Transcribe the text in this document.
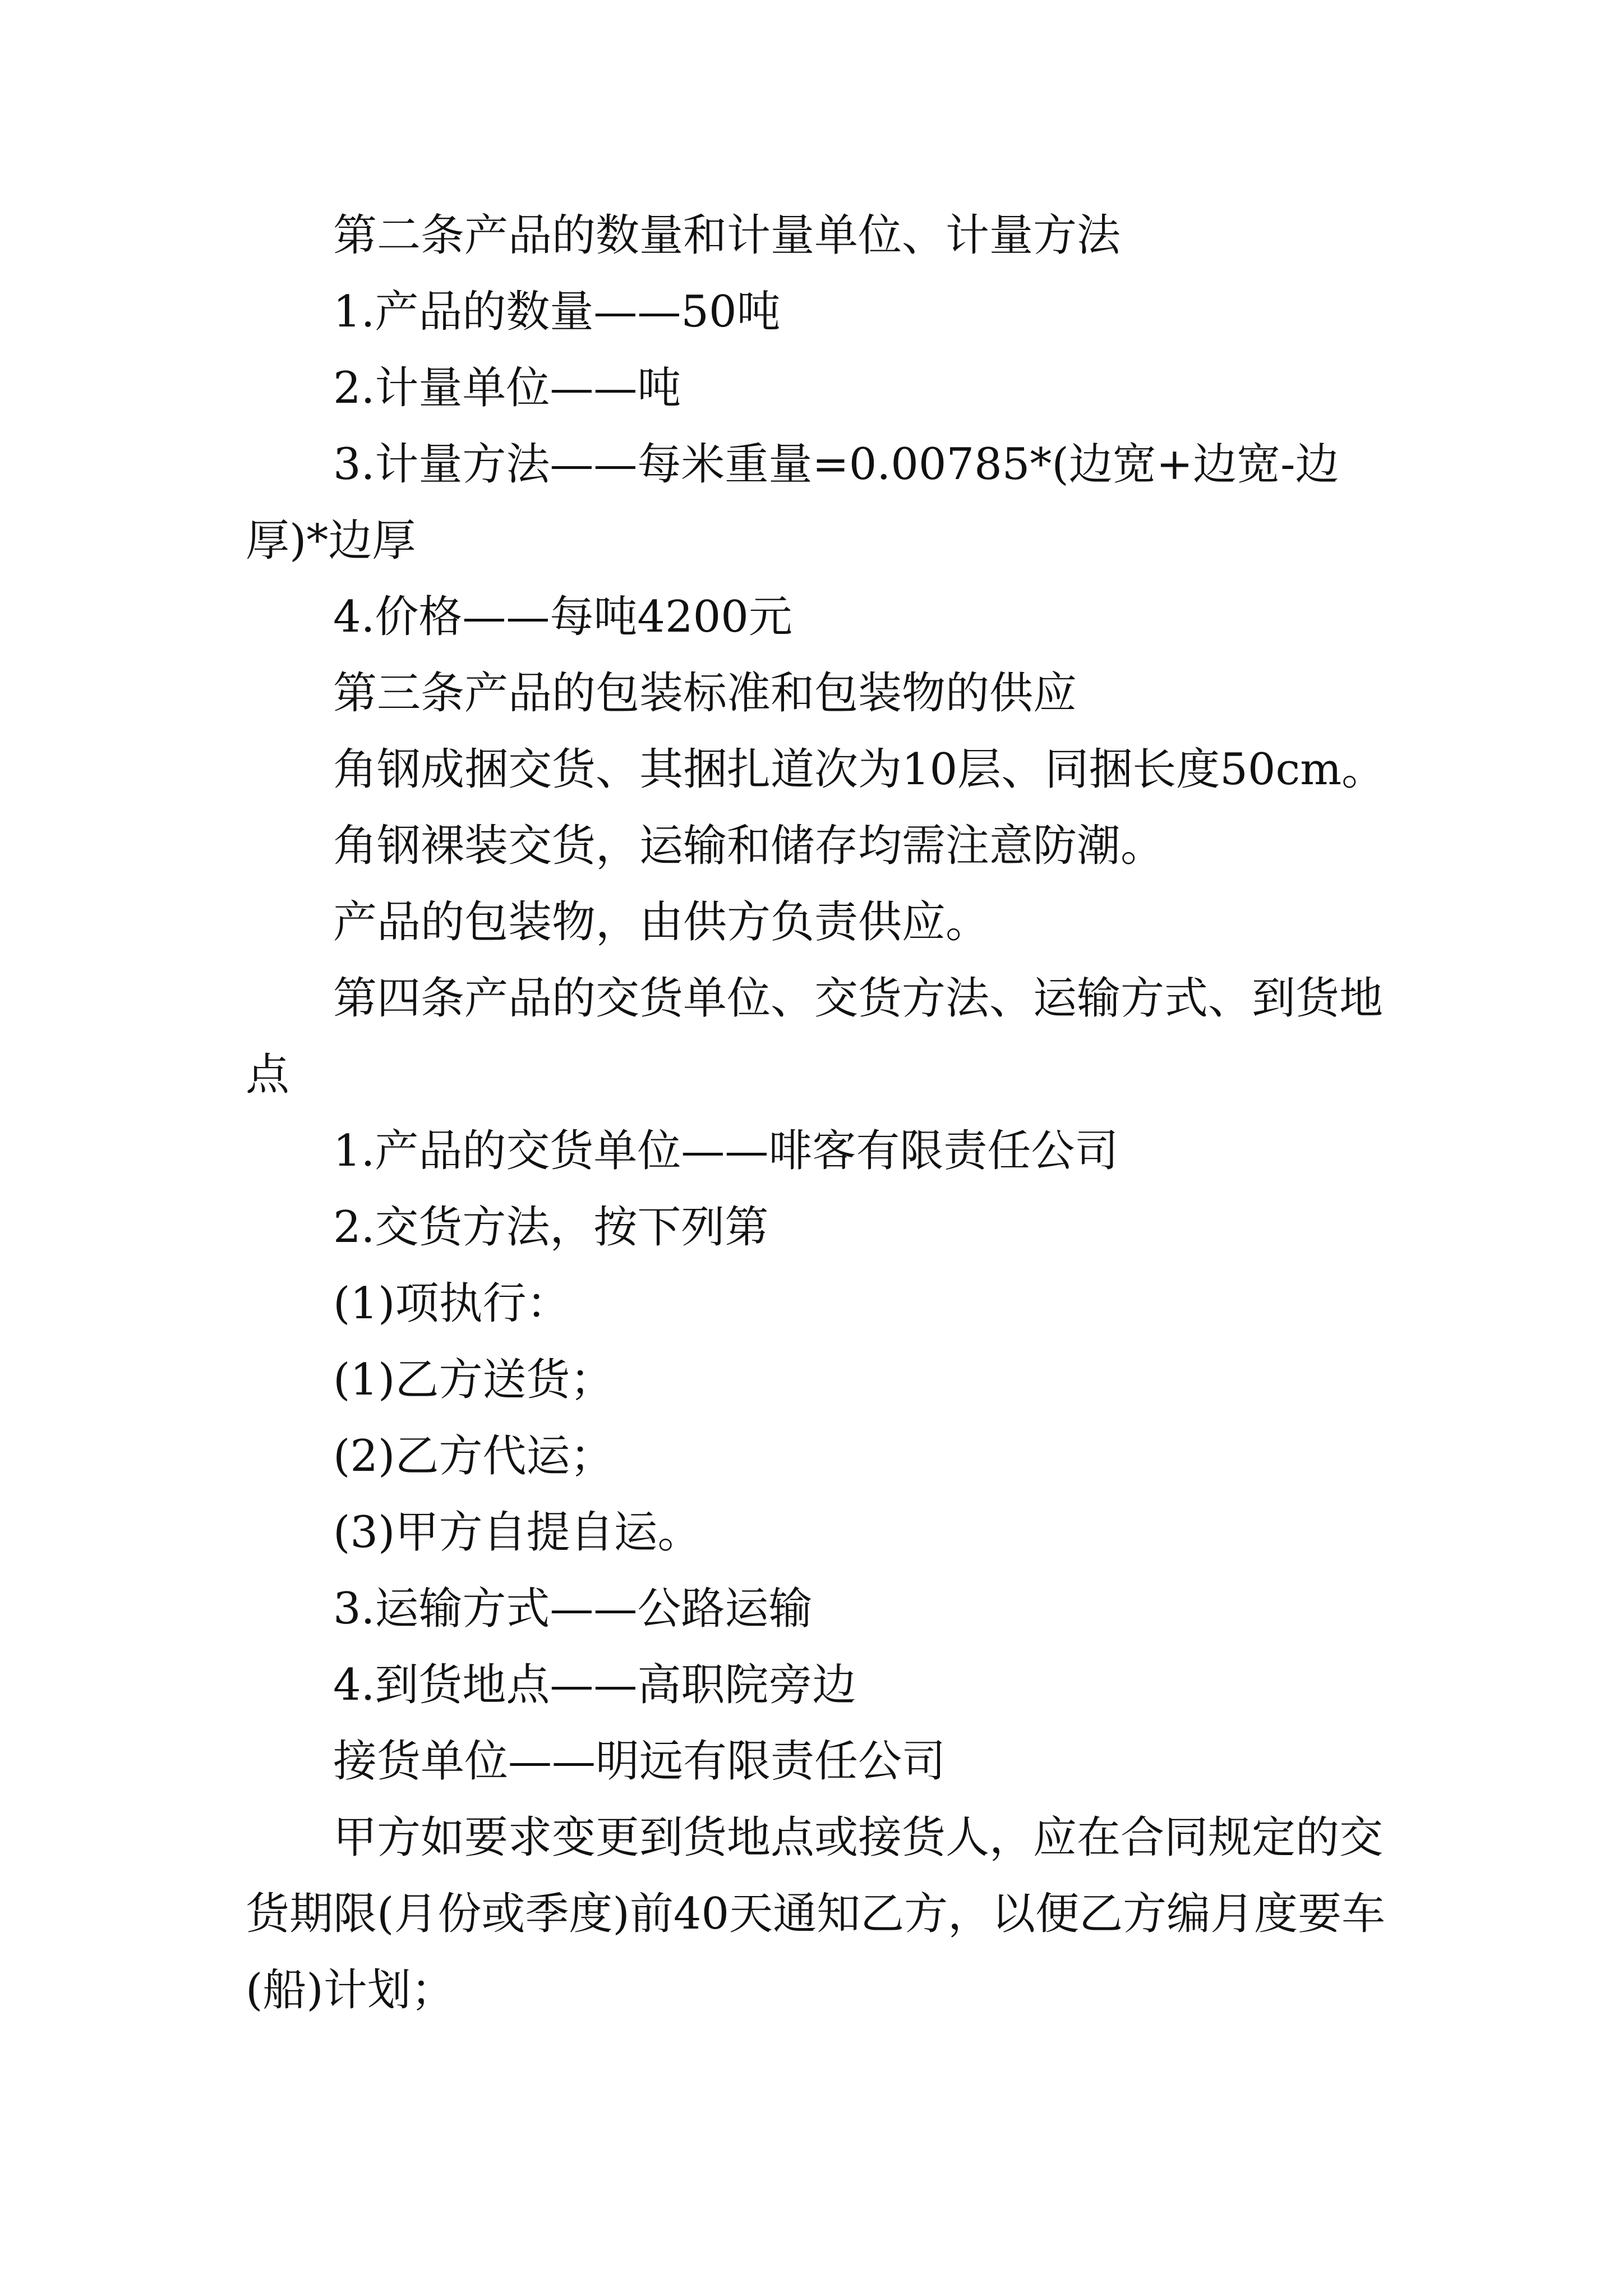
第二条产品的数量和计量单位、计量方法

1.产品的数量——50吨

2.计量单位——吨

3.计量方法——每米重量=0.00785*(边宽+边宽-边厚)*边厚

4.价格——每吨4200元

第三条产品的包装标准和包装物的供应

角钢成捆交货、其捆扎道次为10层、同捆长度50cm。

角钢裸装交货，运输和储存均需注意防潮。

产品的包装物，由供方负责供应。

第四条产品的交货单位、交货方法、运输方式、到货地点

1.产品的交货单位——啡客有限责任公司

2.交货方法，按下列第

(1)项执行：

(1)乙方送货；

(2)乙方代运；

(3)甲方自提自运。

3.运输方式——公路运输

4.到货地点——高职院旁边

接货单位——明远有限责任公司

甲方如要求变更到货地点或接货人，应在合同规定的交货期限(月份或季度)前40天通知乙方，以便乙方编月度要车(船)计划；
